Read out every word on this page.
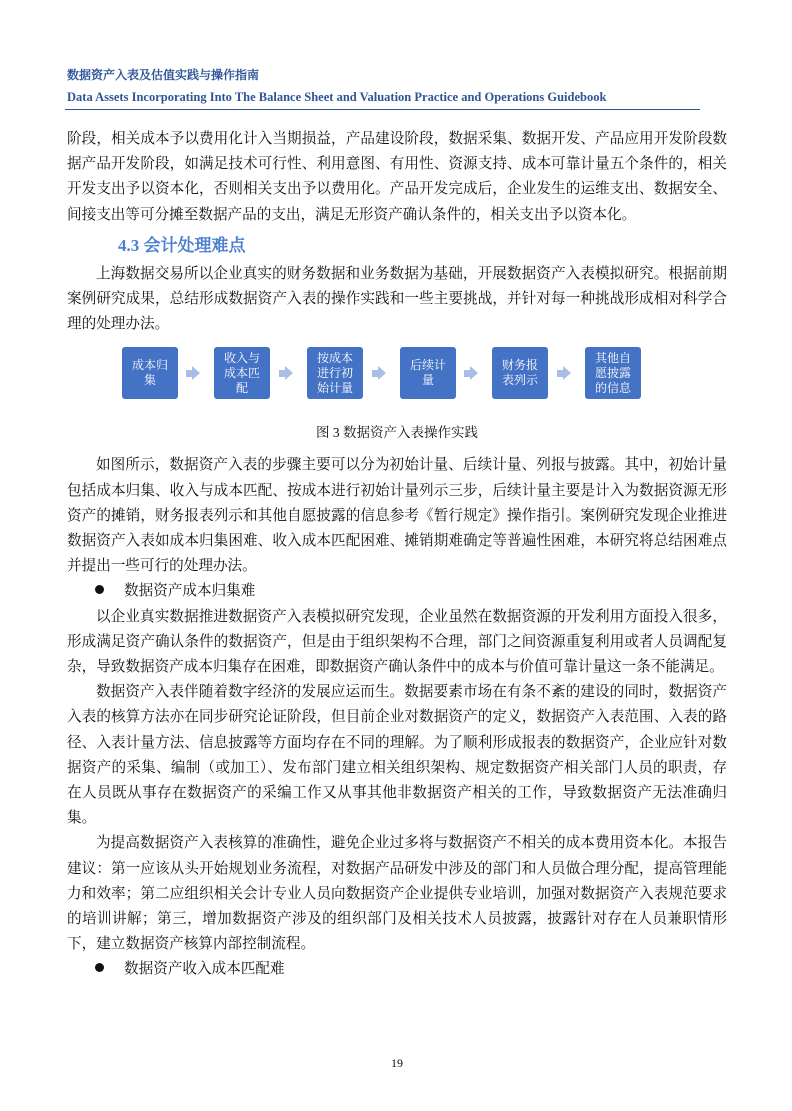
数据资产入表及估值实践与操作指南
Data Assets Incorporating Into The Balance Sheet and Valuation Practice and Operations Guidebook

阶段，相关成本予以费用化计入当期损益，产品建设阶段，数据采集、数据开发、产品应用开发阶段数据产品开发阶段，如满足技术可行性、利用意图、有用性、资源支持、成本可靠计量五个条件的，相关开发支出予以资本化，否则相关支出予以费用化。产品开发完成后，企业发生的运维支出、数据安全、间接支出等可分摊至数据产品的支出，满足无形资产确认条件的，相关支出予以资本化。

4.3 会计处理难点

上海数据交易所以企业真实的财务数据和业务数据为基础，开展数据资产入表模拟研究。根据前期案例研究成果，总结形成数据资产入表的操作实践和一些主要挑战，并针对每一种挑战形成相对科学合理的处理办法。

成本归集
收入与成本匹配
按成本进行初始计量
后续计量
财务报表列示
其他自愿披露的信息
图 3 数据资产入表操作实践

如图所示，数据资产入表的步骤主要可以分为初始计量、后续计量、列报与披露。其中，初始计量包括成本归集、收入与成本匹配、按成本进行初始计量列示三步，后续计量主要是计入为数据资源无形资产的摊销，财务报表列示和其他自愿披露的信息参考《暂行规定》操作指引。案例研究发现企业推进数据资产入表如成本归集困难、收入成本匹配困难、摊销期难确定等普遍性困难，本研究将总结困难点并提出一些可行的处理办法。

数据资产成本归集难

以企业真实数据推进数据资产入表模拟研究发现，企业虽然在数据资源的开发利用方面投入很多，形成满足资产确认条件的数据资产，但是由于组织架构不合理，部门之间资源重复利用或者人员调配复杂，导致数据资产成本归集存在困难，即数据资产确认条件中的成本与价值可靠计量这一条不能满足。

数据资产入表伴随着数字经济的发展应运而生。数据要素市场在有条不紊的建设的同时，数据资产入表的核算方法亦在同步研究论证阶段，但目前企业对数据资产的定义，数据资产入表范围、入表的路径、入表计量方法、信息披露等方面均存在不同的理解。为了顺利形成报表的数据资产，企业应针对数据资产的采集、编制（或加工）、发布部门建立相关组织架构、规定数据资产相关部门人员的职责，存在人员既从事存在数据资产的采编工作又从事其他非数据资产相关的工作，导致数据资产无法准确归集。

为提高数据资产入表核算的准确性，避免企业过多将与数据资产不相关的成本费用资本化。本报告建议：第一应该从头开始规划业务流程，对数据产品研发中涉及的部门和人员做合理分配，提高管理能力和效率；第二应组织相关会计专业人员向数据资产企业提供专业培训，加强对数据资产入表规范要求的培训讲解；第三，增加数据资产涉及的组织部门及相关技术人员披露，披露针对存在人员兼职情形下，建立数据资产核算内部控制流程。

数据资产收入成本匹配难
19
